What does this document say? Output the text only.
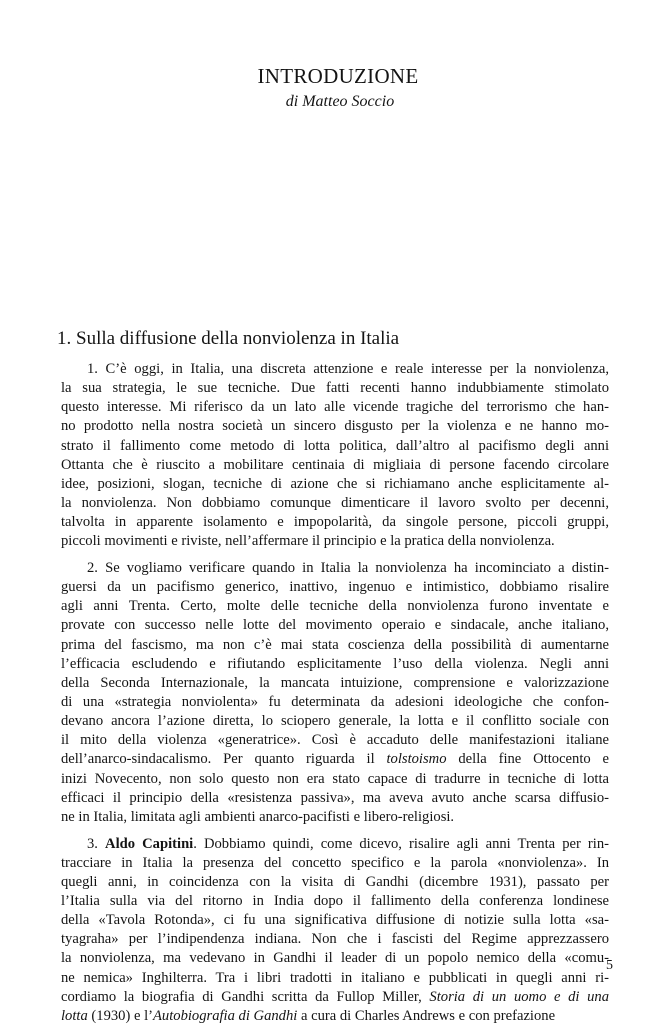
INTRODUZIONE
di Matteo Soccio
1. Sulla diffusione della nonviolenza in Italia

1. C’è oggi, in Italia, una discreta attenzione e reale interesse per la nonviolenza,
la sua strategia, le sue tecniche. Due fatti recenti hanno indubbiamente stimolato
questo interesse. Mi riferisco da un lato alle vicende tragiche del terrorismo che han-
no prodotto nella nostra società un sincero disgusto per la violenza e ne hanno mo-
strato il fallimento come metodo di lotta politica, dall’altro al pacifismo degli anni
Ottanta che è riuscito a mobilitare centinaia di migliaia di persone facendo circolare
idee, posizioni, slogan, tecniche di azione che si richiamano anche esplicitamente al-
la nonviolenza. Non dobbiamo comunque dimenticare il lavoro svolto per decenni,
talvolta in apparente isolamento e impopolarità, da singole persone, piccoli gruppi,
piccoli movimenti e riviste, nell’affermare il principio e la pratica della nonviolenza.

2. Se vogliamo verificare quando in Italia la nonviolenza ha incominciato a distin-
guersi da un pacifismo generico, inattivo, ingenuo e intimistico, dobbiamo risalire
agli anni Trenta. Certo, molte delle tecniche della nonviolenza furono inventate e
provate con successo nelle lotte del movimento operaio e sindacale, anche italiano,
prima del fascismo, ma non c’è mai stata coscienza della possibilità di aumentarne
l’efficacia escludendo e rifiutando esplicitamente l’uso della violenza. Negli anni
della Seconda Internazionale, la mancata intuizione, comprensione e valorizzazione
di una «strategia nonviolenta» fu determinata da adesioni ideologiche che confon-
devano ancora l’azione diretta, lo sciopero generale, la lotta e il conflitto sociale con
il mito della violenza «generatrice». Così è accaduto delle manifestazioni italiane
dell’anarco-sindacalismo. Per quanto riguarda il tolstoismo della fine Ottocento e
inizi Novecento, non solo questo non era stato capace di tradurre in tecniche di lotta
efficaci il principio della «resistenza passiva», ma aveva avuto anche scarsa diffusio-
ne in Italia, limitata agli ambienti anarco-pacifisti e libero-religiosi.

3. Aldo Capitini. Dobbiamo quindi, come dicevo, risalire agli anni Trenta per rin-
tracciare in Italia la presenza del concetto specifico e la parola «nonviolenza». In
quegli anni, in coincidenza con la visita di Gandhi (dicembre 1931), passato per
l’Italia sulla via del ritorno in India dopo il fallimento della conferenza londinese
della «Tavola Rotonda», ci fu una significativa diffusione di notizie sulla lotta «sa-
tyagraha» per l’indipendenza indiana. Non che i fascisti del Regime apprezzassero
la nonviolenza, ma vedevano in Gandhi il leader di un popolo nemico della «comu-
ne nemica» Inghilterra. Tra i libri tradotti in italiano e pubblicati in quegli anni ri-
cordiamo la biografia di Gandhi scritta da Fullop Miller, Storia di un uomo e di una
lotta (1930) e l’Autobiografia di Gandhi a cura di Charles Andrews e con prefazione

5
